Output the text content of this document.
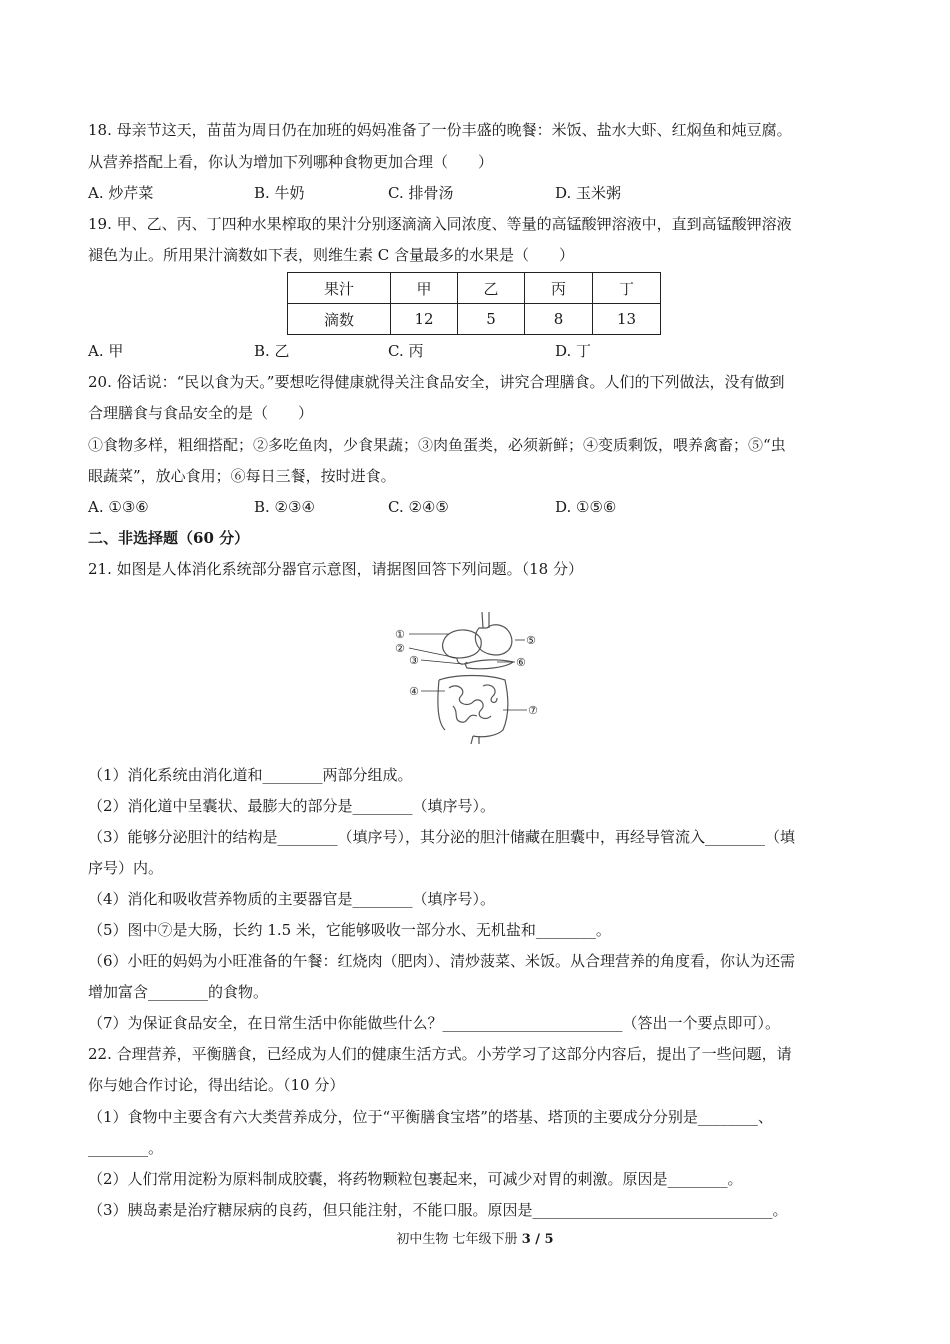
18. 母亲节这天，苗苗为周日仍在加班的妈妈准备了一份丰盛的晚餐：米饭、盐水大虾、红焖鱼和炖豆腐。
从营养搭配上看，你认为增加下列哪种食物更加合理（　　）
A. 炒芹菜	B. 牛奶	C. 排骨汤	D. 玉米粥
19. 甲、乙、丙、丁四种水果榨取的果汁分别逐滴滴入同浓度、等量的高锰酸钾溶液中，直到高锰酸钾溶液
褪色为止。所用果汁滴数如下表，则维生素 C 含量最多的水果是（　　）
果汁	甲	乙	丙	丁
滴数	12	5	8	13
A. 甲	B. 乙	C. 丙	D. 丁
20. 俗话说：“民以食为天。”要想吃得健康就得关注食品安全，讲究合理膳食。人们的下列做法，没有做到
合理膳食与食品安全的是（　　）
①食物多样，粗细搭配；②多吃鱼肉，少食果蔬；③肉鱼蛋类，必须新鲜；④变质剩饭，喂养禽畜；⑤“虫
眼蔬菜”，放心食用；⑥每日三餐，按时进食。
A. ①③⑥	B. ②③④	C. ②④⑤	D. ①⑤⑥
二、非选择题（60 分）
21. 如图是人体消化系统部分器官示意图，请据图回答下列问题。（18 分）
①
②
③
④
⑤
⑥
⑦
（1）消化系统由消化道和________两部分组成。
（2）消化道中呈囊状、最膨大的部分是________（填序号）。
（3）能够分泌胆汁的结构是________（填序号），其分泌的胆汁储藏在胆囊中，再经导管流入________（填
序号）内。
（4）消化和吸收营养物质的主要器官是________（填序号）。
（5）图中⑦是大肠，长约 1.5 米，它能够吸收一部分水、无机盐和________。
（6）小旺的妈妈为小旺准备的午餐：红烧肉（肥肉）、清炒菠菜、米饭。从合理营养的角度看，你认为还需
增加富含________的食物。
（7）为保证食品安全，在日常生活中你能做些什么？________________________（答出一个要点即可）。
22. 合理营养，平衡膳食，已经成为人们的健康生活方式。小芳学习了这部分内容后，提出了一些问题，请
你与她合作讨论，得出结论。（10 分）
（1）食物中主要含有六大类营养成分，位于“平衡膳食宝塔”的塔基、塔顶的主要成分分别是________、
________。
（2）人们常用淀粉为原料制成胶囊，将药物颗粒包裹起来，可减少对胃的刺激。原因是________。
（3）胰岛素是治疗糖尿病的良药，但只能注射，不能口服。原因是________________________________。
初中生物 七年级下册 3 / 5
